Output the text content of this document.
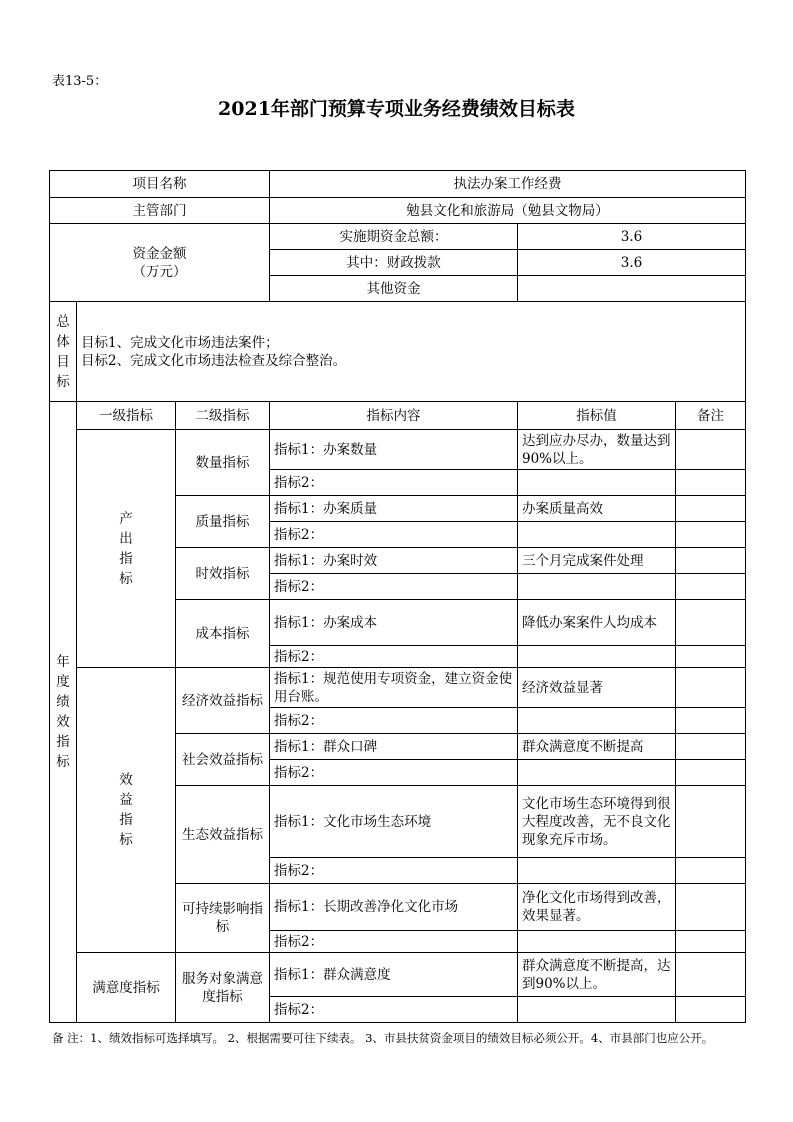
表13-5：
2021年部门预算专项业务经费绩效目标表
项目名称			执法办案工作经费		
主管部门			勉县文化和旅游局（勉县文物局）		

资金金额
（万元）			实施期资金总额：	3.6	
			其中：财政拨款	3.6	
			其他资金		

总体目标	目标1、完成文化市场违法案件；
目标2、完成文化市场违法检查及综合整治。				

年度绩效指标	一级指标	二级指标	指标内容	指标值	备注

	产出指标	数量指标	指标1：办案数量	达到应办尽办，数量达到90%以上。	
			指标2：		
		质量指标	指标1：办案质量	办案质量高效	
			指标2：		
		时效指标	指标1：办案时效	三个月完成案件处理	
			指标2：		
		成本指标	指标1：办案成本	降低办案案件人均成本	
			指标2：		

	效益指标	经济效益指标	指标1：规范使用专项资金，建立资金使用台账。	经济效益显著	
			指标2：		
		社会效益指标	指标1：群众口碑	群众满意度不断提高	
			指标2：		
		生态效益指标	指标1：文化市场生态环境	文化市场生态环境得到很大程度改善，无不良文化现象充斥市场。	
			指标2：		
		可持续影响指标	指标1：长期改善净化文化市场	净化文化市场得到改善，效果显著。	
			指标2：		
	满意度指标	服务对象满意度指标	指标1：群众满意度	群众满意度不断提高，达到90%以上。	
			指标2：		
备 注：1、绩效指标可选择填写。 2、根据需要可往下续表。 3、市县扶贫资金项目的绩效目标必须公开。4、市县部门也应公开。
